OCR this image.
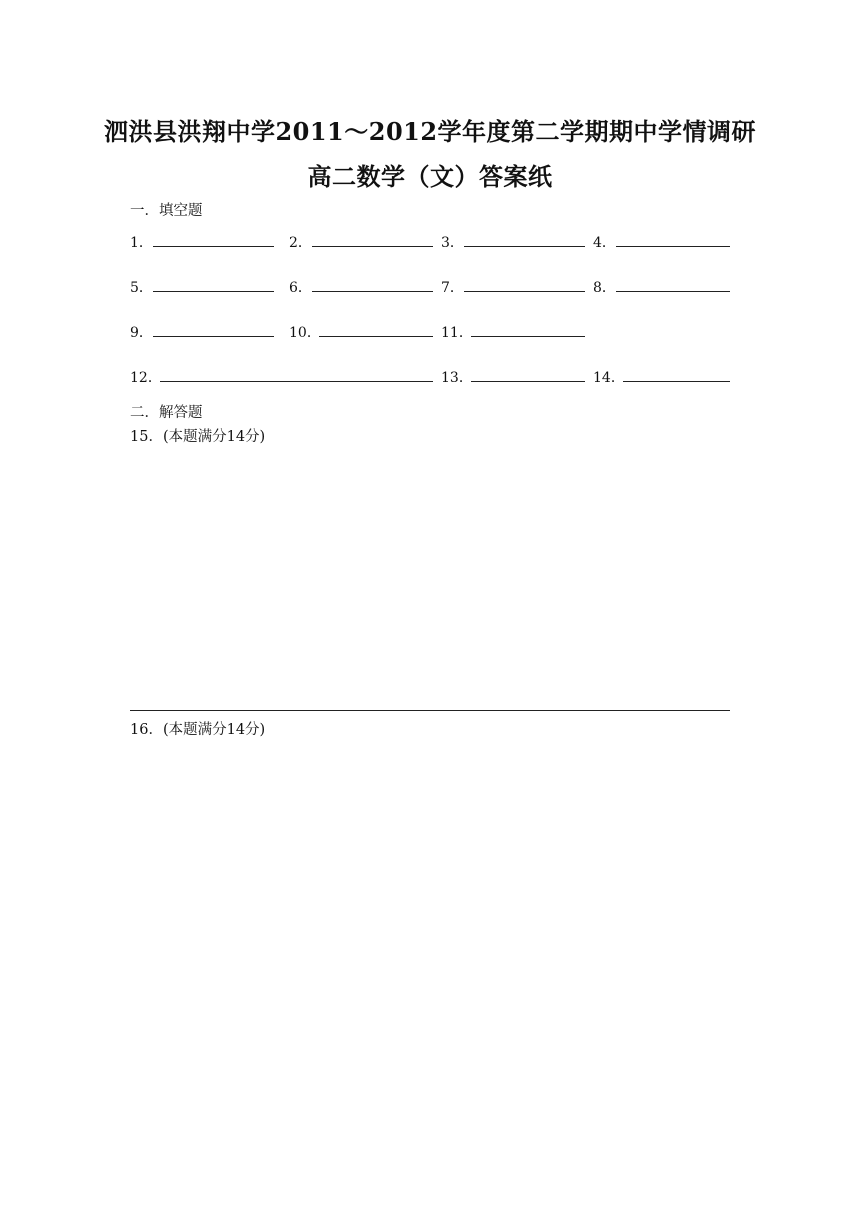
泗洪县洪翔中学2011～2012学年度第二学期期中学情调研
高二数学（文）答案纸
一．填空题
1．	2．	3．	4．
5．	6．	7．	8．
9．	10．	11．
12．	13．	14．
二．解答题
15．(本题满分14分)
16．(本题满分14分)
